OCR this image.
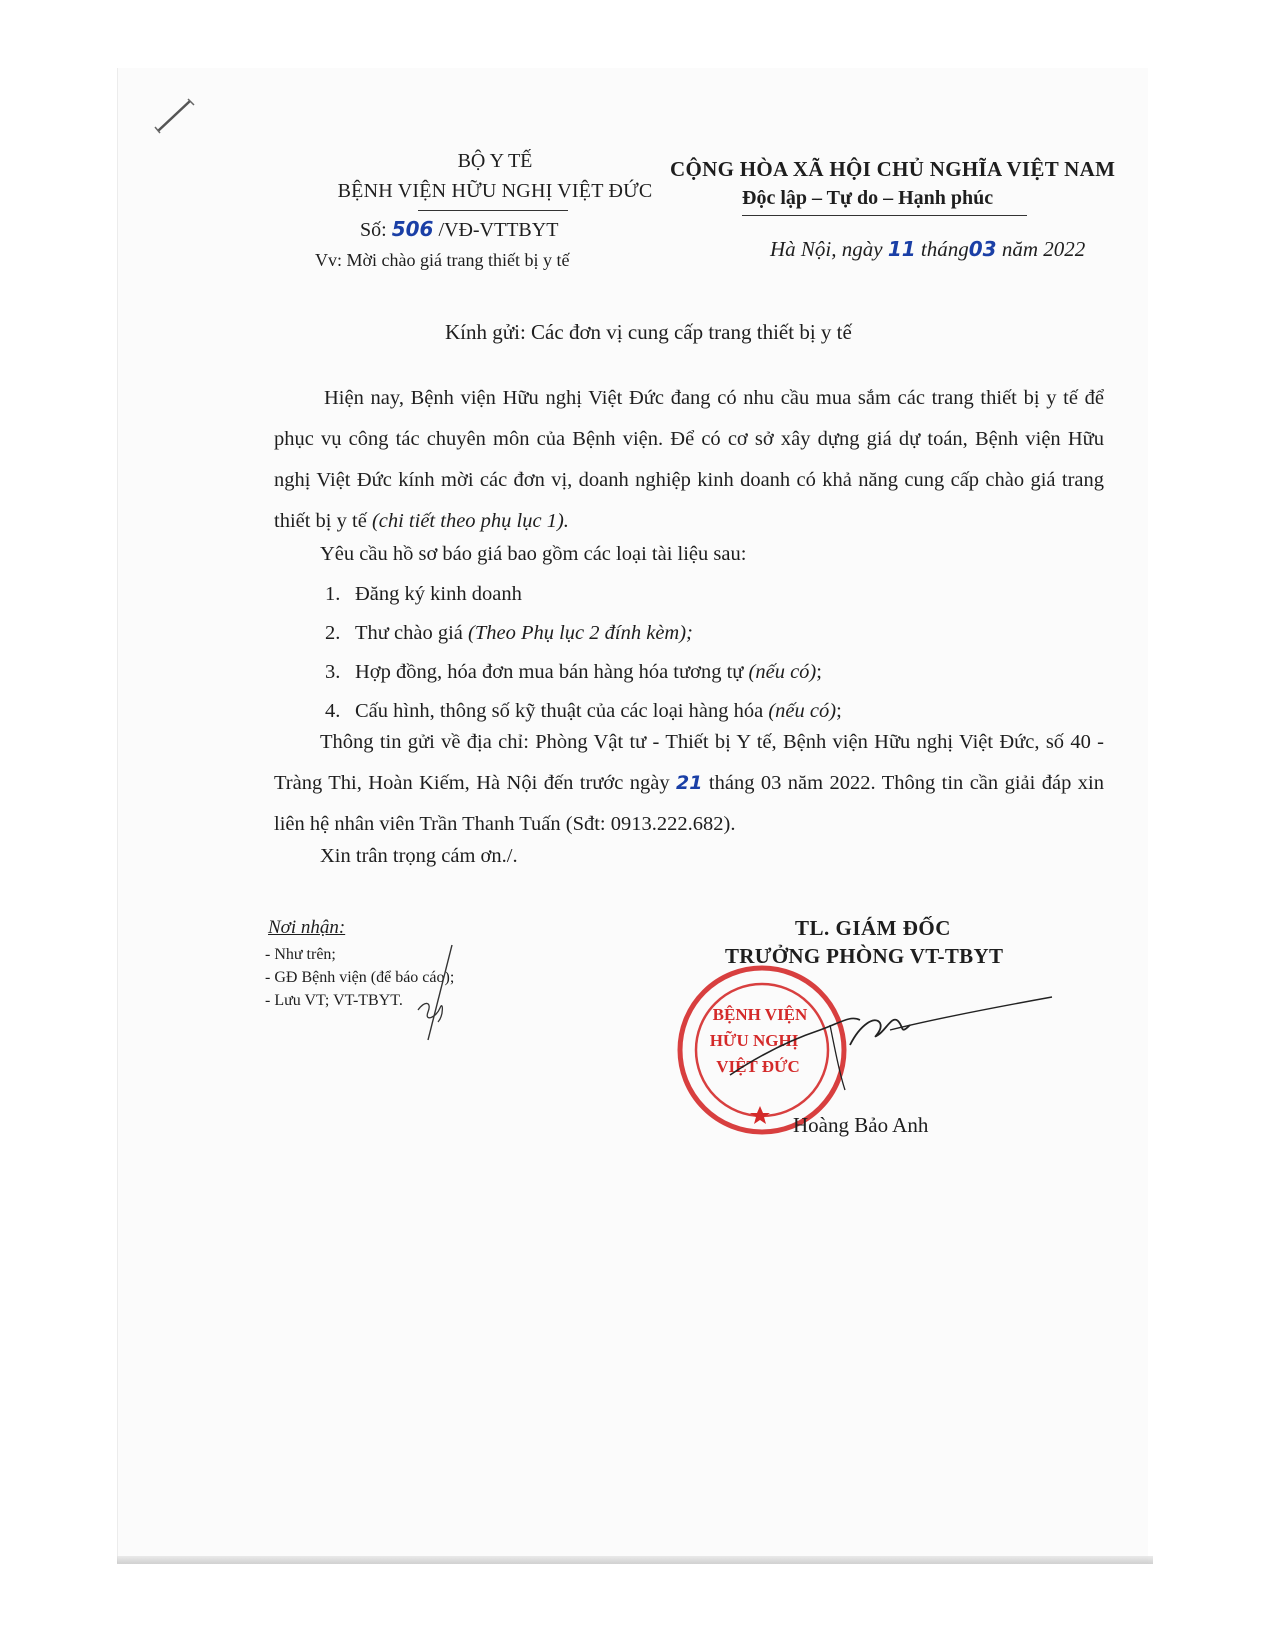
BỘ Y TẾ
BỆNH VIỆN HỮU NGHỊ VIỆT ĐỨC
Số: 506 /VĐ-VTTBYT
Vv: Mời chào giá trang thiết bị y tế
CỘNG HÒA XÃ HỘI CHỦ NGHĨA VIỆT NAM
Độc lập – Tự do – Hạnh phúc
Hà Nội, ngày 11 tháng03 năm 2022
Kính gửi: Các đơn vị cung cấp trang thiết bị y tế
Hiện nay, Bệnh viện Hữu nghị Việt Đức đang có nhu cầu mua sắm các trang thiết bị y tế để phục vụ công tác chuyên môn của Bệnh viện. Để có cơ sở xây dựng giá dự toán, Bệnh viện Hữu nghị Việt Đức kính mời các đơn vị, doanh nghiệp kinh doanh có khả năng cung cấp chào giá trang thiết bị y tế (chi tiết theo phụ lục 1).
Yêu cầu hồ sơ báo giá bao gồm các loại tài liệu sau:
1. Đăng ký kinh doanh
2. Thư chào giá (Theo Phụ lục 2 đính kèm);
3. Hợp đồng, hóa đơn mua bán hàng hóa tương tự (nếu có);
4. Cấu hình, thông số kỹ thuật của các loại hàng hóa (nếu có);
Thông tin gửi về địa chỉ: Phòng Vật tư - Thiết bị Y tế, Bệnh viện Hữu nghị Việt Đức, số 40 - Tràng Thi, Hoàn Kiếm, Hà Nội đến trước ngày 21 tháng 03 năm 2022. Thông tin cần giải đáp xin liên hệ nhân viên Trần Thanh Tuấn (Sđt: 0913.222.682).
Xin trân trọng cám ơn./.
Nơi nhận:
- Như trên;
- GĐ Bệnh viện (để báo cáo);
- Lưu VT; VT-TBYT.
TL. GIÁM ĐỐC
TRƯỞNG PHÒNG VT-TBYT
BỆNH VIỆN
HỮU NGHỊ
VIỆT ĐỨC
Hoàng Bảo Anh
